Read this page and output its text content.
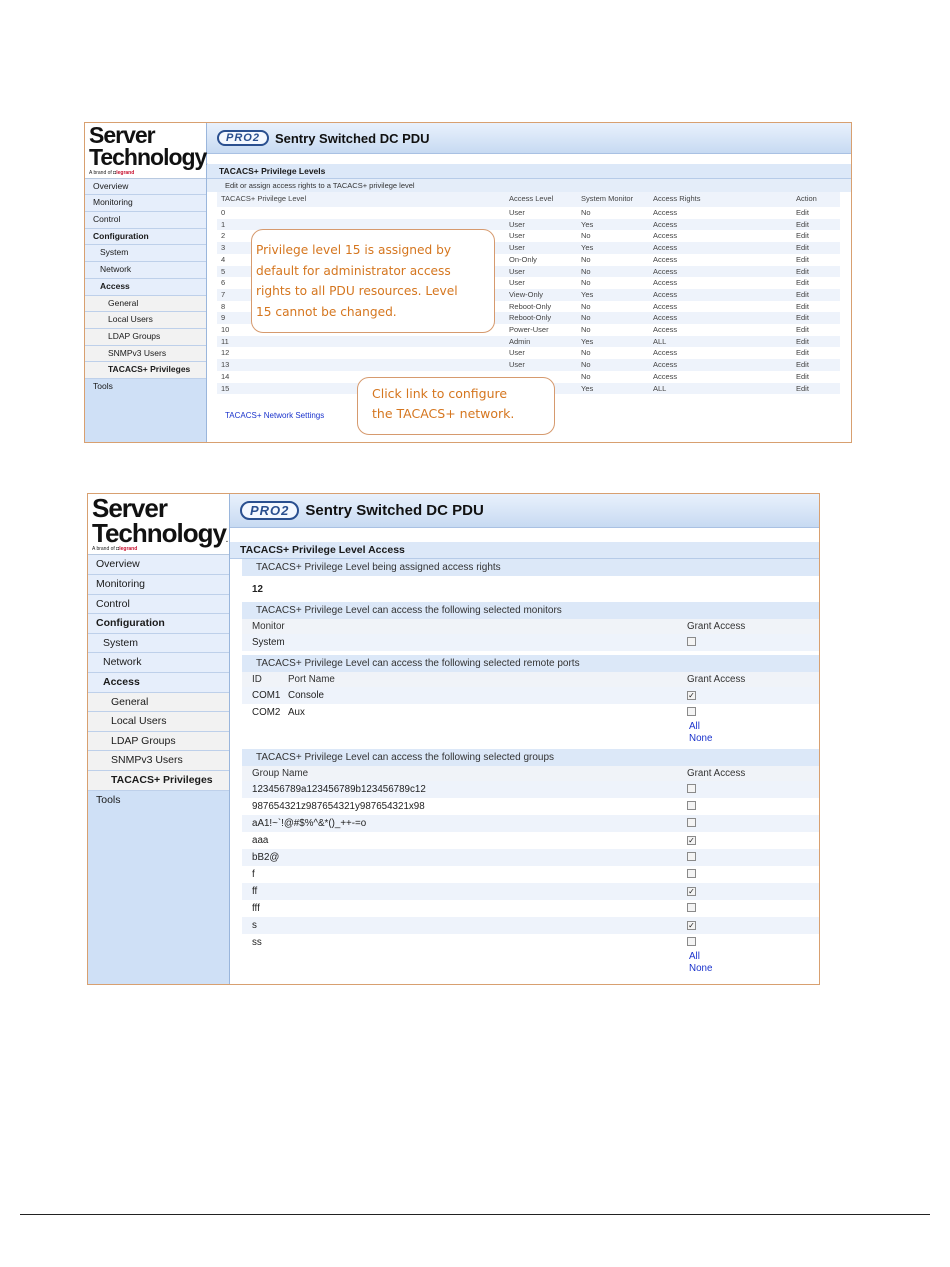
Server
Technology
A brand of ◘legrand
Overview
Monitoring
Control
Configuration
System
Network
Access
General
Local Users
LDAP Groups
SNMPv3 Users
TACACS+ Privileges
Tools
PRO2	Sentry Switched DC PDU
TACACS+ Privilege Levels
Edit or assign access rights to a TACACS+ privilege level
TACACS+ Privilege Level	Access Level	System Monitor	Access Rights	Action
0	User	No	Access	Edit
1	User	Yes	Access	Edit
2	User	No	Access	Edit
3	User	Yes	Access	Edit
4	On-Only	No	Access	Edit
5	User	No	Access	Edit
6	User	No	Access	Edit
7	View-Only	Yes	Access	Edit
8	Reboot-Only	No	Access	Edit
9	Reboot-Only	No	Access	Edit
10	Power-User	No	Access	Edit
11	Admin	Yes	ALL	Edit
12	User	No	Access	Edit
13	User	No	Access	Edit
14		No	Access	Edit
15		Yes	ALL	Edit
TACACS+ Network Settings
Privilege level 15 is assigned by
default for administrator access
rights to all PDU resources. Level
15 cannot be changed.
Click link to configure
the TACACS+ network.
Server
Technology.
A brand of ◘legrand
Overview
Monitoring
Control
Configuration
System
Network
Access
General
Local Users
LDAP Groups
SNMPv3 Users
TACACS+ Privileges
Tools
PRO2	Sentry Switched DC PDU
TACACS+ Privilege Level Access
TACACS+ Privilege Level being assigned access rights
12
TACACS+ Privilege Level can access the following selected monitors
Monitor	Grant Access
System
TACACS+ Privilege Level can access the following selected remote ports
ID	Port Name	Grant Access
COM1 Console	✓
COM2 Aux
All
None
TACACS+ Privilege Level can access the following selected groups
Group Name	Grant Access
123456789a123456789b123456789c12
987654321z987654321y987654321x98
aA1!~`!@#$%^&*()_++-=o
aaa	✓
bB2@
f
ff	✓
fff
s	✓
ss
All
None
